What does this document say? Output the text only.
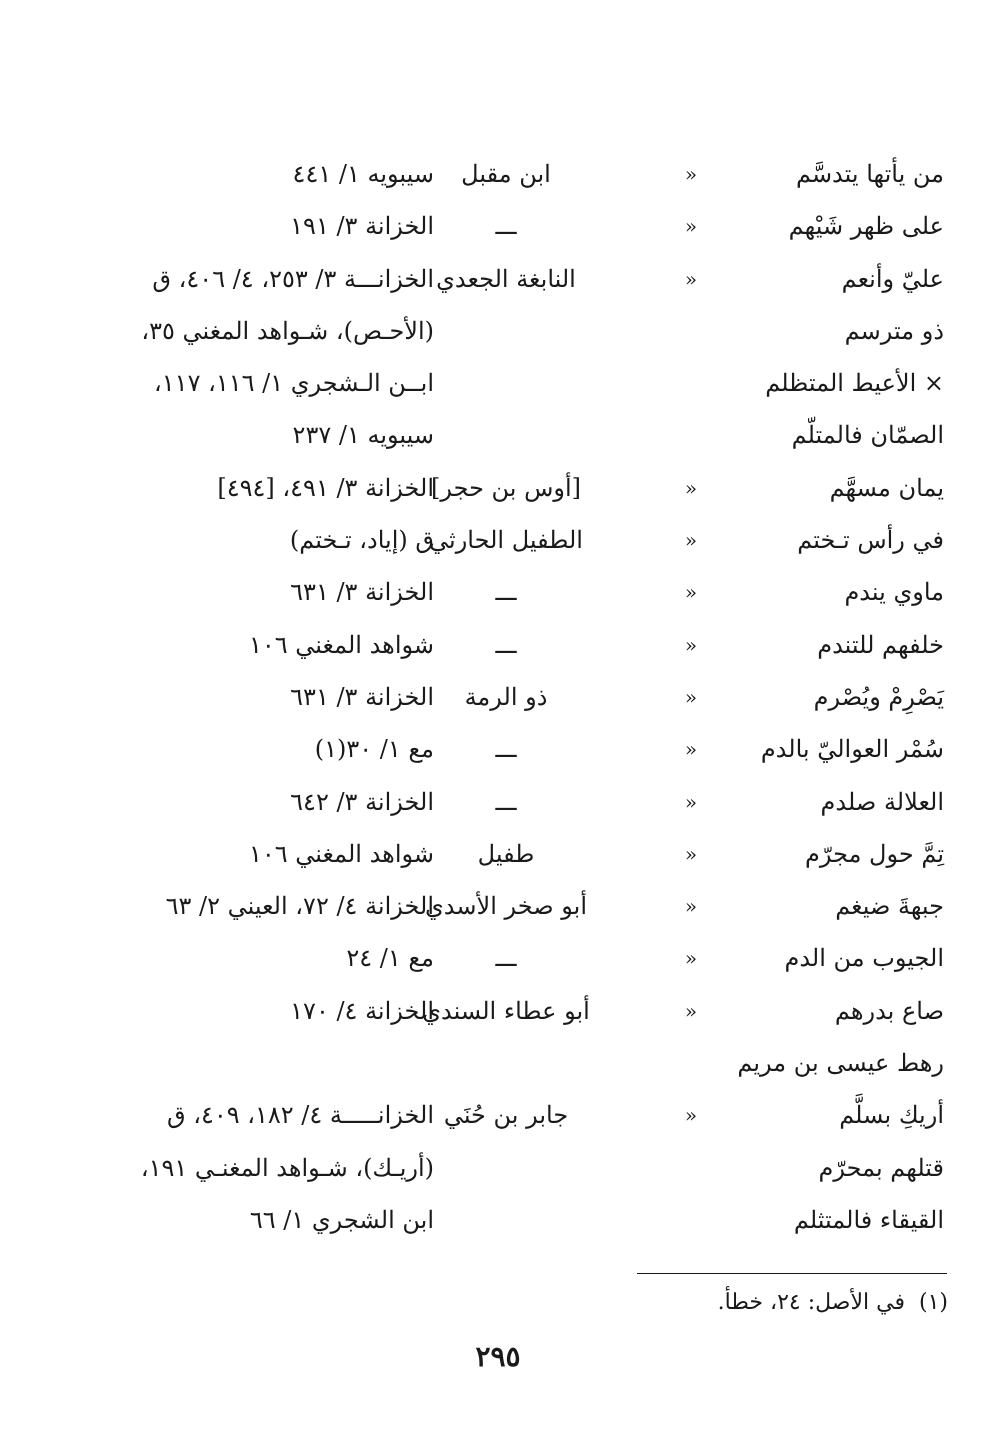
من يأتها يتدسَّم
«
ابن مقبل
سيبويه ١/ ٤٤١
على ظهر شَيْهم
«
ـــ
الخزانة ٣/ ١٩١
عليّ وأنعم
«
النابغة الجعدي
الخزانـــة ٣/ ٢٥٣، ٤/ ٤٠٦، ق
ذو مترسم
(الأحـص)، شـواهد المغني ٣٥،
× الأعيط المتظلم
ابــن الـشجري ١/ ١١٦، ١١٧،
الصمّان فالمتلّم
سيبويه ١/ ٢٣٧
يمان مسهَّم
«
[أوس بن حجر]
الخزانة ٣/ ٤٩١، [٤٩٤]
في رأس تـختم
«
الطفيل الحارثي
ق (إياد، تـختم)
ماوي يندم
«
ـــ
الخزانة ٣/ ٦٣١
خلفهم للتندم
«
ـــ
شواهد المغني ١٠٦
يَصْرِمْ ويُصْرم
«
ذو الرمة
الخزانة ٣/ ٦٣١
سُمْر العواليّ بالدم
«
ـــ
مع ١/ ٣٠(١)
العلالة صلدم
«
ـــ
الخزانة ٣/ ٦٤٢
تِمَّ حول مجرّم
«
طفيل
شواهد المغني ١٠٦
جبهةَ ضيغم
«
أبو صخر الأسدي
الخزانة ٤/ ٧٢، العيني ٢/ ٦٣
الجيوب من الدم
«
ـــ
مع ١/ ٢٤
صاع بدرهم
«
أبو عطاء السندي
الخزانة ٤/ ١٧٠
رهط عيسى بن مريم
أريكِ بسلَّم
«
جابر بن حُنَي
الخزانـــــة ٤/ ١٨٢، ٤٠٩، ق
قتلهم بمحرّم
(أريـك)، شـواهد المغنـي ١٩١،
القيقاء فالمتثلم
ابن الشجري ١/ ٦٦
(١)في الأصل: ٢٤، خطأ.
٢٩٥
